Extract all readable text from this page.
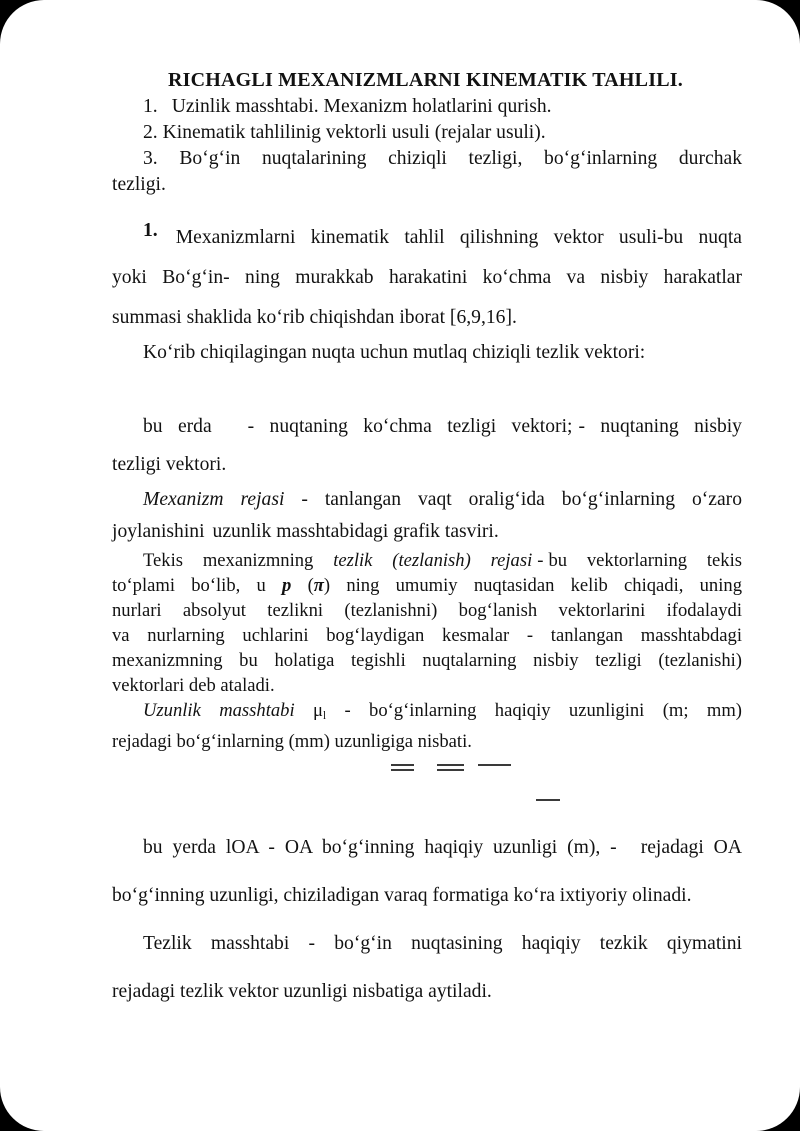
RICHAGLI MEXANIZMLARNI KINEMATIK TAHLILI.
1. Uzinlik masshtabi. Mexanizm holatlarini qurish.
2. Kinematik tahlilinig vektorli usuli (rejalar usuli).
3. Bo‘g‘in nuqtalarining chiziqli tezligi, bo‘g‘inlarning durchak
tezligi.
1. Mexanizmlarni kinematik tahlil qilishning vektor usuli-bu nuqta
yoki Bo‘g‘in- ning murakkab harakatini ko‘chma va nisbiy harakatlar
summasi shaklida ko‘rib chiqishdan iborat [6,9,16].
Ko‘rib chiqilagingan nuqta uchun mutlaq chiziqli tezlik vektori:
bu erda - nuqtaning ko‘chma tezligi vektori; - nuqtaning nisbiy
tezligi vektori.
Mexanizm rejasi - tanlangan vaqt oralig‘ida bo‘g‘inlarning o‘zaro
joylanishini uzunlik masshtabidagi grafik tasviri.
Tekis mexanizmning tezlik (tezlanish) rejasi - bu vektorlarning tekis
to‘plami bo‘lib, u p (π) ning umumiy nuqtasidan kelib chiqadi, uning
nurlari absolyut tezlikni (tezlanishni) bog‘lanish vektorlarini ifodalaydi
va nurlarning uchlarini bog‘laydigan kesmalar - tanlangan masshtabdagi
mexanizmning bu holatiga tegishli nuqtalarning nisbiy tezligi (tezlanishi)
vektorlari deb ataladi.
Uzunlik masshtabi $\mu_l$ - bo‘g‘inlarning haqiqiy uzunligini (m; mm)
rejadagi bo‘g‘inlarning (mm) uzunligiga nisbati.
bu yerda lOA - OA bo‘g‘inning haqiqiy uzunligi (m), - rejadagi OA
bo‘g‘inning uzunligi, chiziladigan varaq formatiga ko‘ra ixtiyoriy olinadi.
Tezlik masshtabi - bo‘g‘in nuqtasining haqiqiy tezkik qiymatini
rejadagi tezlik vektor uzunligi nisbatiga aytiladi.
